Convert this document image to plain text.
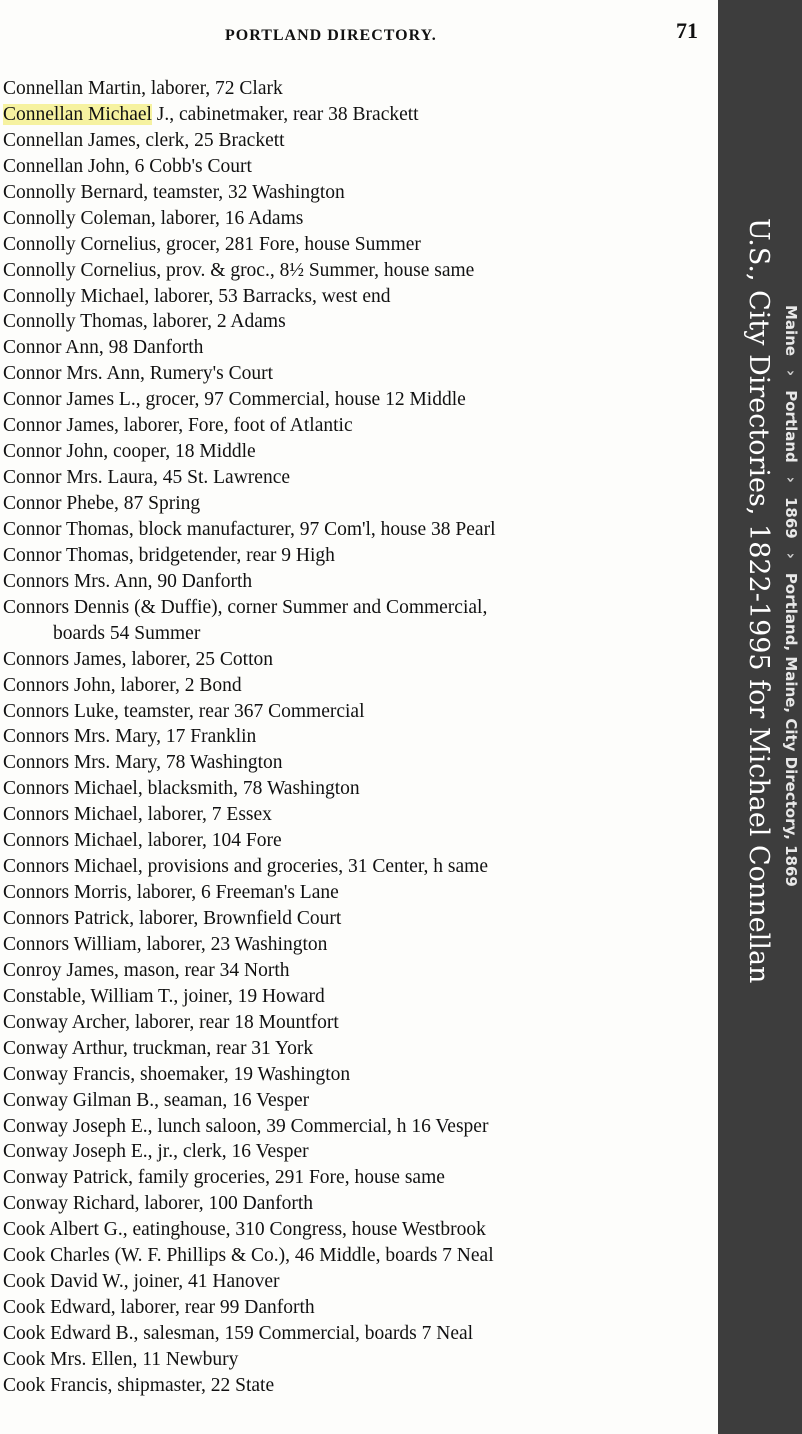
PORTLAND DIRECTORY.	71
Connellan Martin, laborer, 72 Clark
Connellan Michael J., cabinetmaker, rear 38 Brackett
Connellan James, clerk, 25 Brackett
Connellan John, 6 Cobb's Court
Connolly Bernard, teamster, 32 Washington
Connolly Coleman, laborer, 16 Adams
Connolly Cornelius, grocer, 281 Fore, house Summer
Connolly Cornelius, prov. & groc., 8½ Summer, house same
Connolly Michael, laborer, 53 Barracks, west end
Connolly Thomas, laborer, 2 Adams
Connor Ann, 98 Danforth
Connor Mrs. Ann, Rumery's Court
Connor James L., grocer, 97 Commercial, house 12 Middle
Connor James, laborer, Fore, foot of Atlantic
Connor John, cooper, 18 Middle
Connor Mrs. Laura, 45 St. Lawrence
Connor Phebe, 87 Spring
Connor Thomas, block manufacturer, 97 Com'l, house 38 Pearl
Connor Thomas, bridgetender, rear 9 High
Connors Mrs. Ann, 90 Danforth
Connors Dennis (& Duffie), corner Summer and Commercial,
boards 54 Summer
Connors James, laborer, 25 Cotton
Connors John, laborer, 2 Bond
Connors Luke, teamster, rear 367 Commercial
Connors Mrs. Mary, 17 Franklin
Connors Mrs. Mary, 78 Washington
Connors Michael, blacksmith, 78 Washington
Connors Michael, laborer, 7 Essex
Connors Michael, laborer, 104 Fore
Connors Michael, provisions and groceries, 31 Center, h same
Connors Morris, laborer, 6 Freeman's Lane
Connors Patrick, laborer, Brownfield Court
Connors William, laborer, 23 Washington
Conroy James, mason, rear 34 North
Constable, William T., joiner, 19 Howard
Conway Archer, laborer, rear 18 Mountfort
Conway Arthur, truckman, rear 31 York
Conway Francis, shoemaker, 19 Washington
Conway Gilman B., seaman, 16 Vesper
Conway Joseph E., lunch saloon, 39 Commercial, h 16 Vesper
Conway Joseph E., jr., clerk, 16 Vesper
Conway Patrick, family groceries, 291 Fore, house same
Conway Richard, laborer, 100 Danforth
Cook Albert G., eatinghouse, 310 Congress, house Westbrook
Cook Charles (W. F. Phillips & Co.), 46 Middle, boards 7 Neal
Cook David W., joiner, 41 Hanover
Cook Edward, laborer, rear 99 Danforth
Cook Edward B., salesman, 159 Commercial, boards 7 Neal
Cook Mrs. Ellen, 11 Newbury
Cook Francis, shipmaster, 22 State
U.S., City Directories, 1822-1995 for Michael Connellan Maine
›
Portland
›
1869
›
Portland, Maine, City Directory, 1869
